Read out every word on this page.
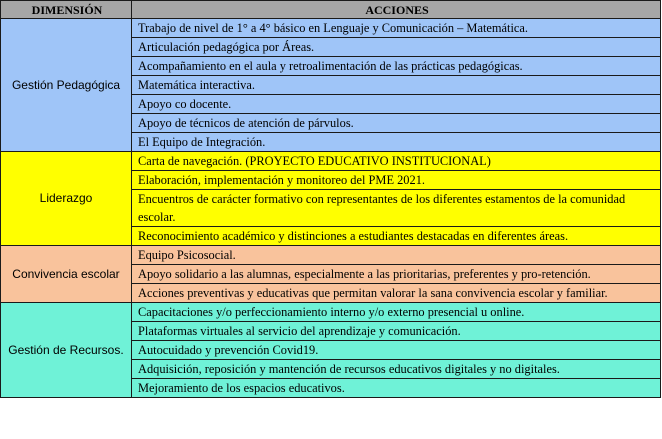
DIMENSIÓN	ACCIONES
Gestión Pedagógica	Trabajo de nivel de 1° a 4° básico en Lenguaje y Comunicación – Matemática.
	Articulación pedagógica por Áreas.
	Acompañamiento en el aula y retroalimentación de las prácticas pedagógicas.
	Matemática interactiva.
	Apoyo co docente.
	Apoyo de técnicos de atención de párvulos.
	El Equipo de Integración.
Liderazgo	Carta de navegación. (PROYECTO EDUCATIVO INSTITUCIONAL)
	Elaboración, implementación y monitoreo del PME 2021.
	Encuentros de carácter formativo con representantes de los diferentes estamentos de la comunidad escolar.
	Reconocimiento académico y distinciones a estudiantes destacadas en diferentes áreas.
Convivencia escolar	Equipo Psicosocial.
	Apoyo solidario a las alumnas, especialmente a las prioritarias, preferentes y pro-retención.
	Acciones preventivas y educativas que permitan valorar la sana convivencia escolar y familiar.
Gestión de Recursos.	Capacitaciones y/o perfeccionamiento interno y/o externo presencial u online.
	Plataformas virtuales al servicio del aprendizaje y comunicación.
	Autocuidado y prevención Covid19.
	Adquisición, reposición y mantención de recursos educativos digitales y no digitales.
	Mejoramiento de los espacios educativos.
